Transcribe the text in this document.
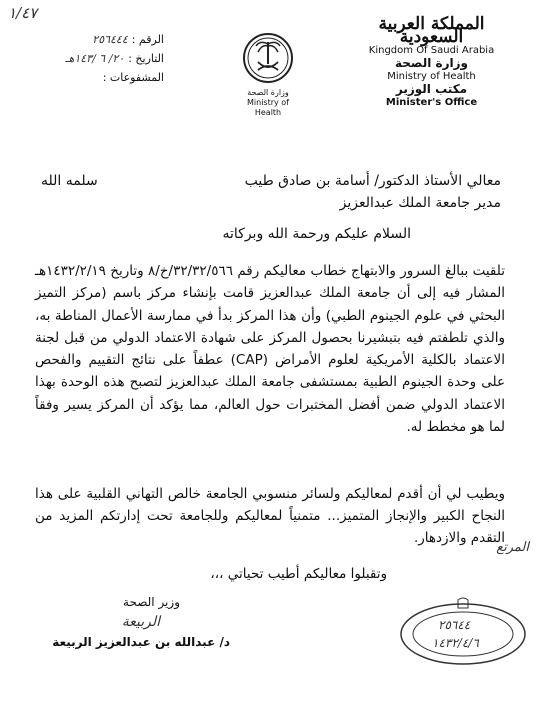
١/٤٧
الرقم :
٢٥٦٤٤٤
التاريخ :
٢٠/ ٦ /١٤٣هـ
المشفوعات :
وزارة الصحة
Ministry of Health
المملكة العربية السعودية
Kingdom Of Saudi Arabia
وزارة الصحة
Ministry of Health
مكتب الوزير
Minister's Office
معالي الأستاذ الدكتور/ أسامة بن صادق طيب
سلمه الله
مدير جامعة الملك عبدالعزيز
السلام عليكم ورحمة الله وبركاته
تلقيت ببالغ السرور والابتهاج خطاب معاليكم رقم ٣٢/٣٢/٥٦٦/خ/٨ وتاريخ ١٤٣٢/٢/١٩هـ المشار فيه إلى أن جامعة الملك عبدالعزيز قامت بإنشاء مركز باسم (مركز التميز البحثي في علوم الجينوم الطبي) وأن هذا المركز بدأ في ممارسة الأعمال المناطة به، والذي تلطفتم فيه بتبشيرنا بحصول المركز على شهادة الاعتماد الدولي من قبل لجنة الاعتماد بالكلية الأمريكية لعلوم الأمراض (CAP) عطفاً على نتائج التقييم والفحص على وحدة الجينوم الطبية بمستشفى جامعة الملك عبدالعزيز لتصبح هذه الوحدة بهذا الاعتماد الدولي ضمن أفضل المختبرات حول العالم، مما يؤكد أن المركز يسير وفقاً لما هو مخطط له.
ويطيب لي أن أقدم لمعاليكم ولسائر منسوبي الجامعة خالص التهاني القلبية على هذا النجاح الكبير والإنجاز المتميز... متمنياً لمعاليكم وللجامعة تحت إدارتكم المزيد من التقدم والازدهار.
المرتع
وتقبلوا معاليكم أطيب تحياتي ،،،
وزير الصحة
الربيعة
د/ عبدالله بن عبدالعزيز الربيعة
٢٥٦٤٤
١٤٣٢/٤/٦
